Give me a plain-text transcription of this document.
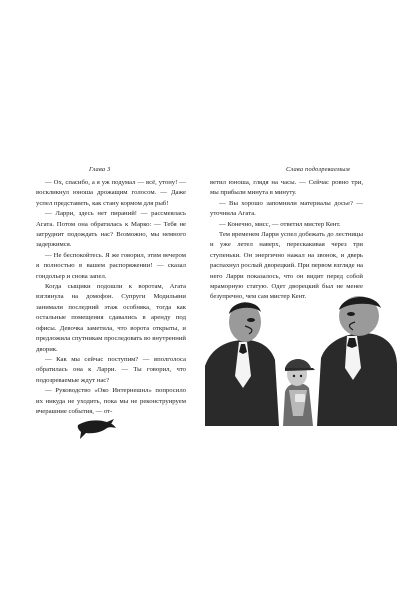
Глава 3

— Ох, спасибо, а я уж подумал — всё, утону! — воскликнул юноша дрожащим голосом. — Даже успел представить, как стану кормом для рыб!

— Ларри, здесь нет пираний! — рассмеялась Агата. Потом она обратилась к Марко: — Тебя не затруднит подождать нас? Возможно, мы немного задержимся.

— Не беспокойтесь. Я же говорил, этим вечером я полностью в вашем распоряжении! — сказал гондольер и снова запел.

Когда сыщики подошли к воротам, Агата взглянула на домофон. Супруги Модильяни занимали последний этаж особняка, тогда как остальные помещения сдавались в аренду под офисы. Девочка заметила, что ворота открыты, и предложила спутникам проследовать во внутренний дворик.

— Как мы сейчас поступим? — вполголоса обратилась она к Ларри. — Ты говорил, что подозреваемые ждут нас?

— Руководство «Око Интернешнл» попросило их никуда не уходить, пока мы не реконструируем вчерашние события, — от-

44
Слава подозреваемым

ветил юноша, глядя на часы. — Сейчас ровно три, мы прибыли минута в минуту.

— Вы хорошо запомнили материалы досье? — уточнила Агата.

— Конечно, мисс, — ответил мистер Кент.

Тем временем Ларри успел добежать до лестницы и уже летел наверх, перескакивая через три ступеньки. Он энергично нажал на звонок, и дверь распахнул рослый дворецкий. При первом взгляде на него Ларри показалось, что он видит перед собой мраморную статую. Одет дворецкий был не менее безупречно, чем сам мистер Кент.
